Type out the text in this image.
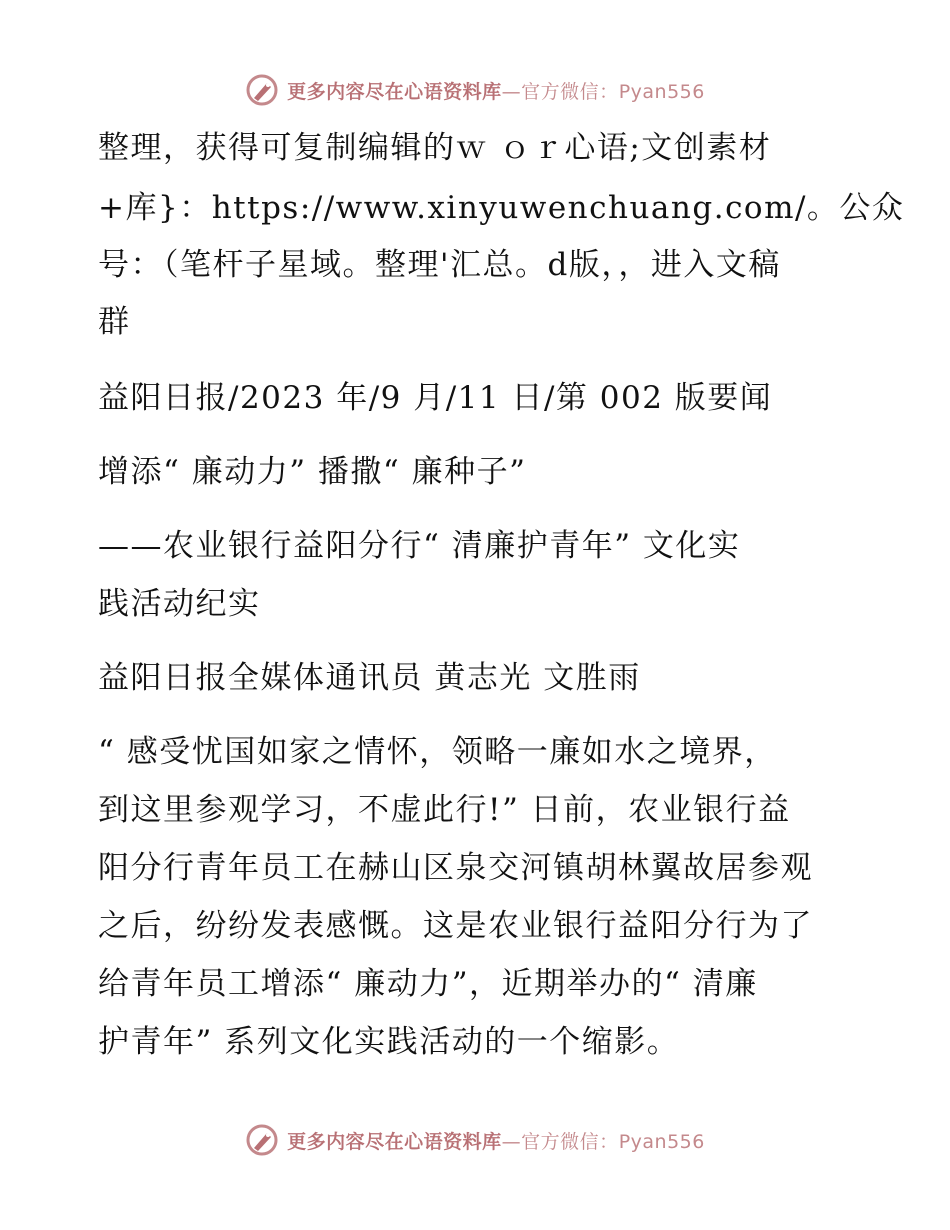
更多内容尽在心语资料库—官方微信：Pyan556
整理，获得可复制编辑的ｗ ｏｒ心语;文创素材
+库}：https://www.xinyuwenchuang.com/。公众
号：（笔杆子星域。整理'汇总。d版，，进入文稿
群
益阳日报/2023 年/9 月/11 日/第 002 版要闻
增添“ 廉动力” 播撒“ 廉种子”
——农业银行益阳分行“ 清廉护青年” 文化实
践活动纪实
益阳日报全媒体通讯员 黄志光 文胜雨
“ 感受忧国如家之情怀，领略一廉如水之境界，
到这里参观学习，不虚此行!” 日前，农业银行益
阳分行青年员工在赫山区泉交河镇胡林翼故居参观
之后，纷纷发表感慨。这是农业银行益阳分行为了
给青年员工增添“ 廉动力”，近期举办的“ 清廉
护青年” 系列文化实践活动的一个缩影。
更多内容尽在心语资料库—官方微信：Pyan556
